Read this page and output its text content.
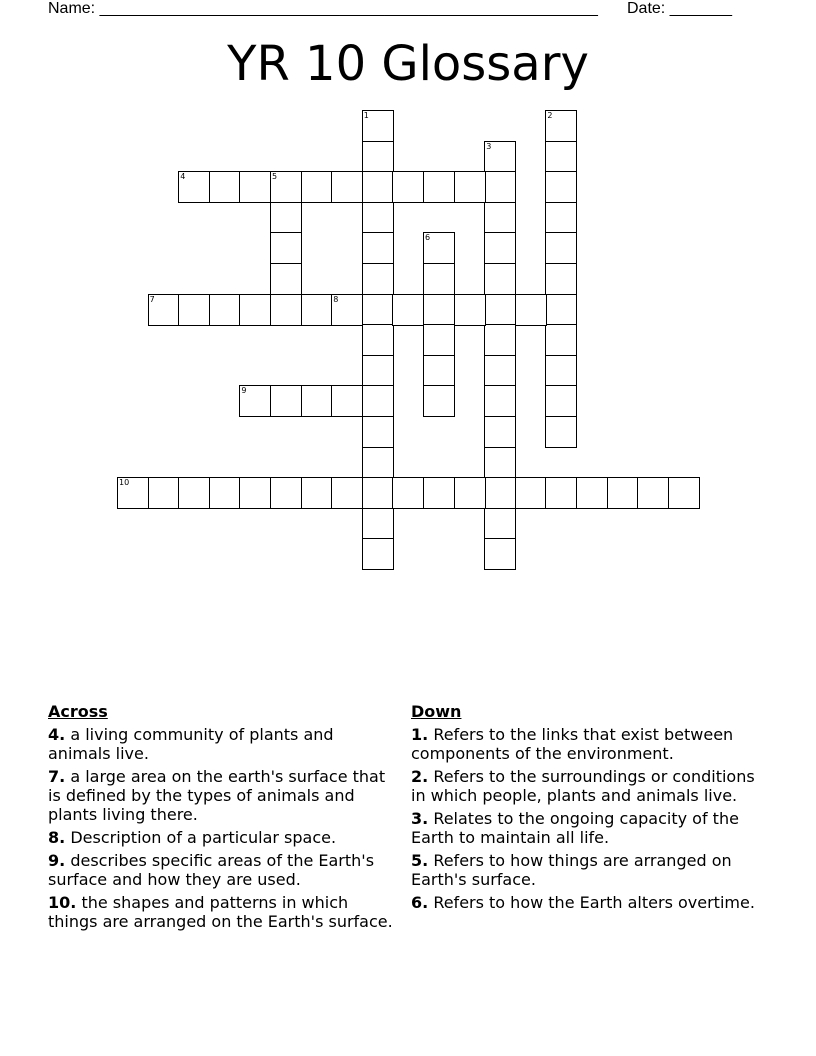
Name: ________________________________________________________ Date: _______
YR 10 Glossary
1	2
3
4	5
6
7	8
9
10
Across
4. a living community of plants and animals live.
7. a large area on the earth's surface that is defined by the types of animals and plants living there.
8. Description of a particular space.
9. describes specific areas of the Earth's surface and how they are used.
10. the shapes and patterns in which things are arranged on the Earth's surface.
Down
1. Refers to the links that exist between components of the environment.
2. Refers to the surroundings or conditions in which people, plants and animals live.
3. Relates to the ongoing capacity of the Earth to maintain all life.
5. Refers to how things are arranged on Earth's surface.
6. Refers to how the Earth alters overtime.
